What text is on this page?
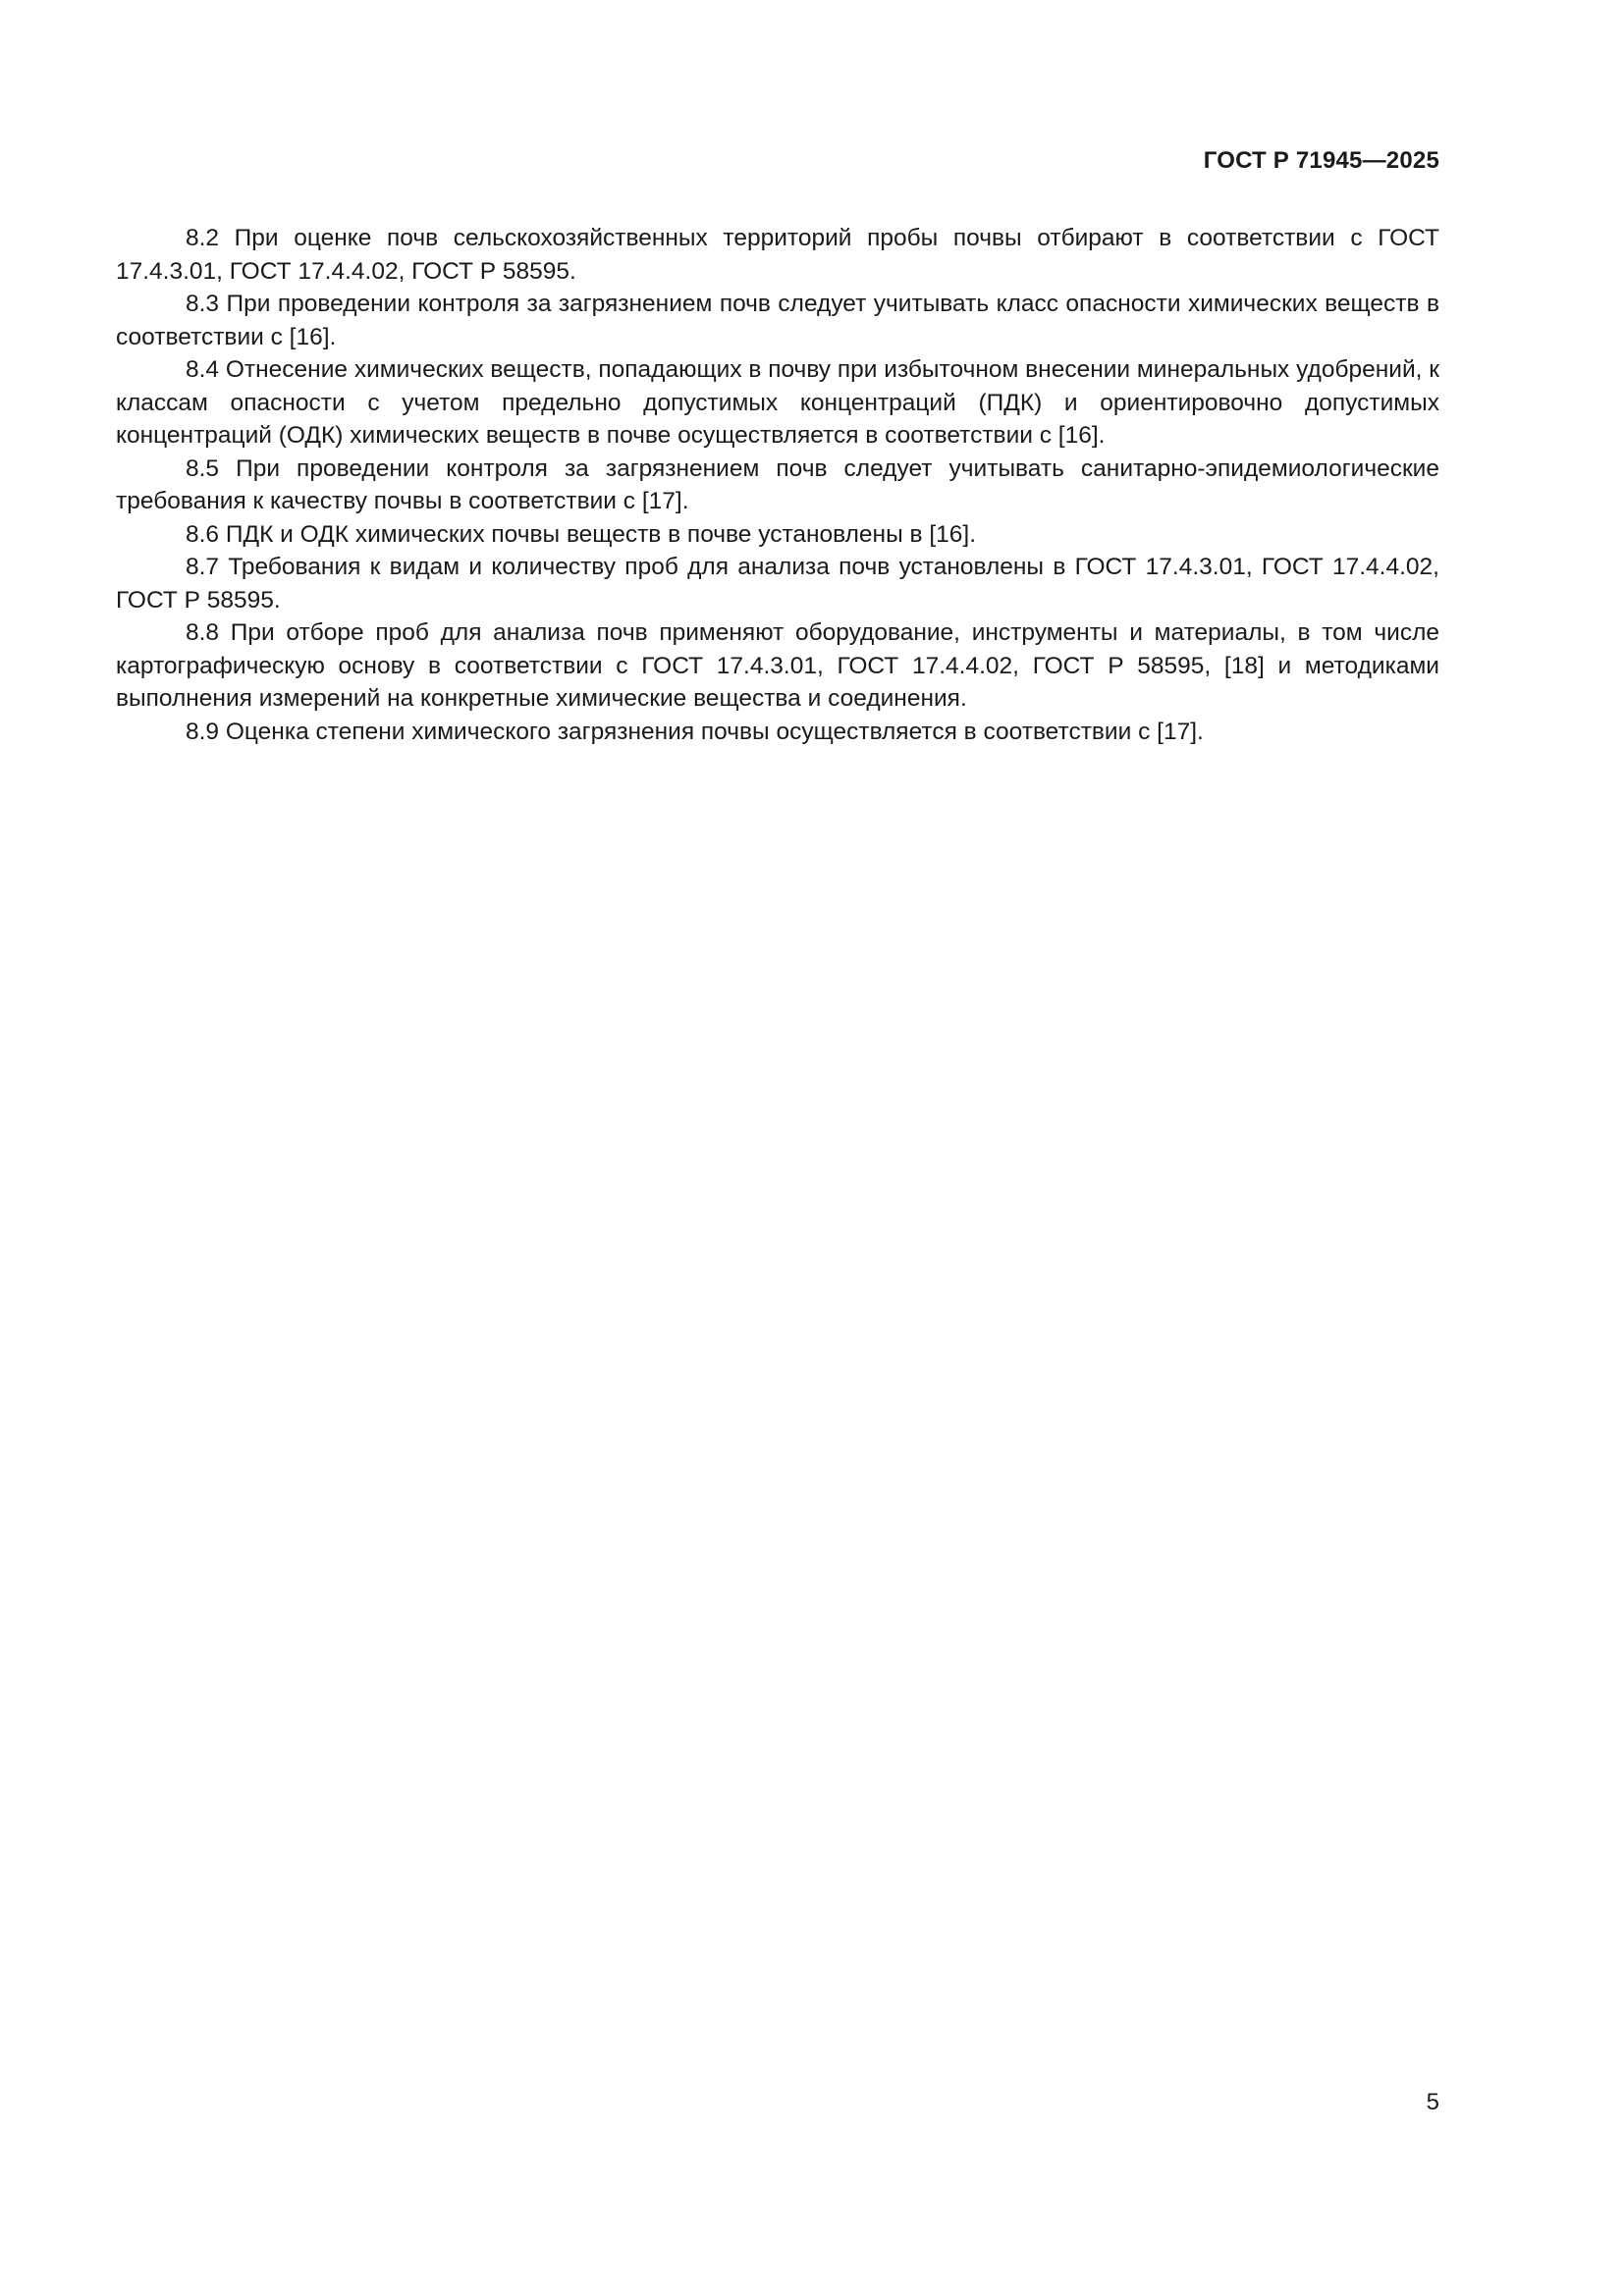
ГОСТ Р 71945—2025

8.2 При оценке почв сельскохозяйственных территорий пробы почвы отбирают в соответствии с ГОСТ 17.4.3.01, ГОСТ 17.4.4.02, ГОСТ Р 58595.

8.3 При проведении контроля за загрязнением почв следует учитывать класс опасности химических веществ в соответствии с [16].

8.4 Отнесение химических веществ, попадающих в почву при избыточном внесении минеральных удобрений, к классам опасности с учетом предельно допустимых концентраций (ПДК) и ориентировочно допустимых концентраций (ОДК) химических веществ в почве осуществляется в соответствии с [16].

8.5 При проведении контроля за загрязнением почв следует учитывать санитарно-эпидемиологические требования к качеству почвы в соответствии с [17].

8.6 ПДК и ОДК химических почвы веществ в почве установлены в [16].

8.7 Требования к видам и количеству проб для анализа почв установлены в ГОСТ 17.4.3.01, ГОСТ 17.4.4.02, ГОСТ Р 58595.

8.8 При отборе проб для анализа почв применяют оборудование, инструменты и материалы, в том числе картографическую основу в соответствии с ГОСТ 17.4.3.01, ГОСТ 17.4.4.02, ГОСТ Р 58595, [18] и методиками выполнения измерений на конкретные химические вещества и соединения.

8.9 Оценка степени химического загрязнения почвы осуществляется в соответствии с [17].

5
